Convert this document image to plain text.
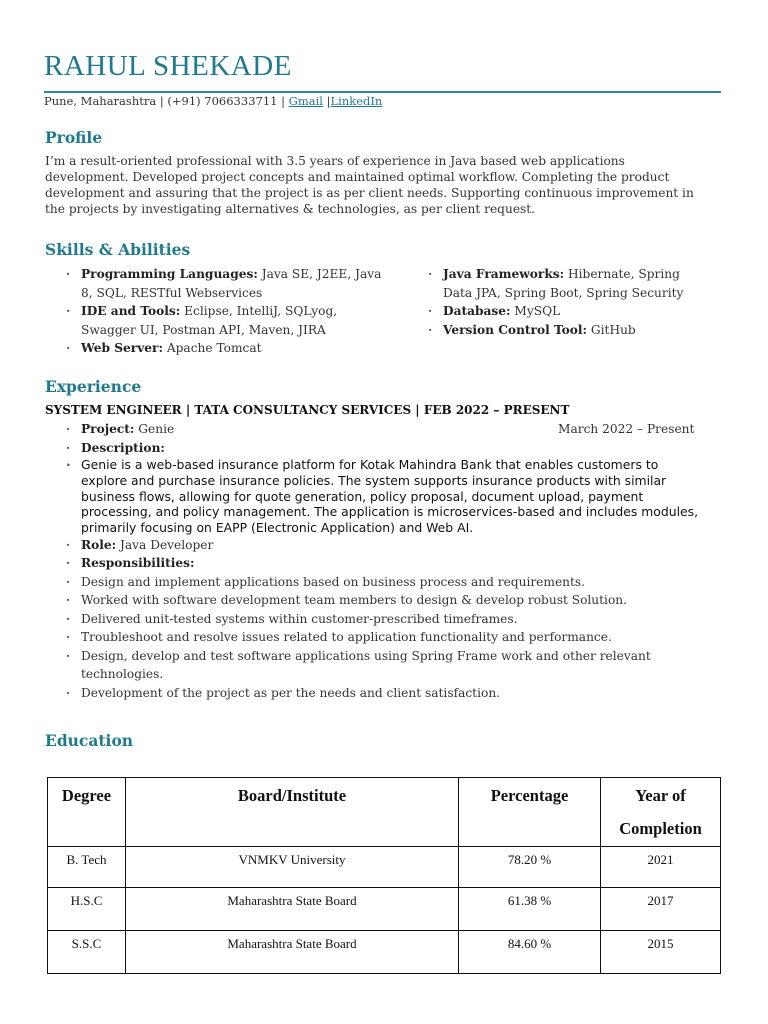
RAHUL SHEKADE
Pune, Maharashtra | (+91) 7066333711 | Gmail |LinkedIn
Profile
I’m a result-oriented professional with 3.5 years of experience in Java based web applications development. Developed project concepts and maintained optimal workflow. Completing the product development and assuring that the project is as per client needs. Supporting continuous improvement in the projects by investigating alternatives & technologies, as per client request.
Skills & Abilities
· Programming Languages: Java SE, J2EE, Java 8, SQL, RESTful Webservices
· IDE and Tools: Eclipse, IntelliJ, SQLyog, Swagger UI, Postman API, Maven, JIRA
· Web Server: Apache Tomcat
· Java Frameworks: Hibernate, Spring Data JPA, Spring Boot, Spring Security
· Database: MySQL
· Version Control Tool: GitHub
Experience
SYSTEM ENGINEER | TATA CONSULTANCY SERVICES | FEB 2022 – PRESENT
March 2022 – Present
· Project: Genie
· Description:
· Genie is a web-based insurance platform for Kotak Mahindra Bank that enables customers to explore and purchase insurance policies. The system supports insurance products with similar business flows, allowing for quote generation, policy proposal, document upload, payment processing, and policy management. The application is microservices-based and includes modules, primarily focusing on EAPP (Electronic Application) and Web AI.
· Role: Java Developer
· Responsibilities:
· Design and implement applications based on business process and requirements.
· Worked with software development team members to design & develop robust Solution.
· Delivered unit-tested systems within customer-prescribed timeframes.
· Troubleshoot and resolve issues related to application functionality and performance.
· Design, develop and test software applications using Spring Frame work and other relevant technologies.
· Development of the project as per the needs and client satisfaction.
Education
Degree	Board/Institute	Percentage	Year of Completion
B. Tech	VNMKV University	78.20 %	2021
H.S.C	Maharashtra State Board	61.38 %	2017
S.S.C	Maharashtra State Board	84.60 %	2015
